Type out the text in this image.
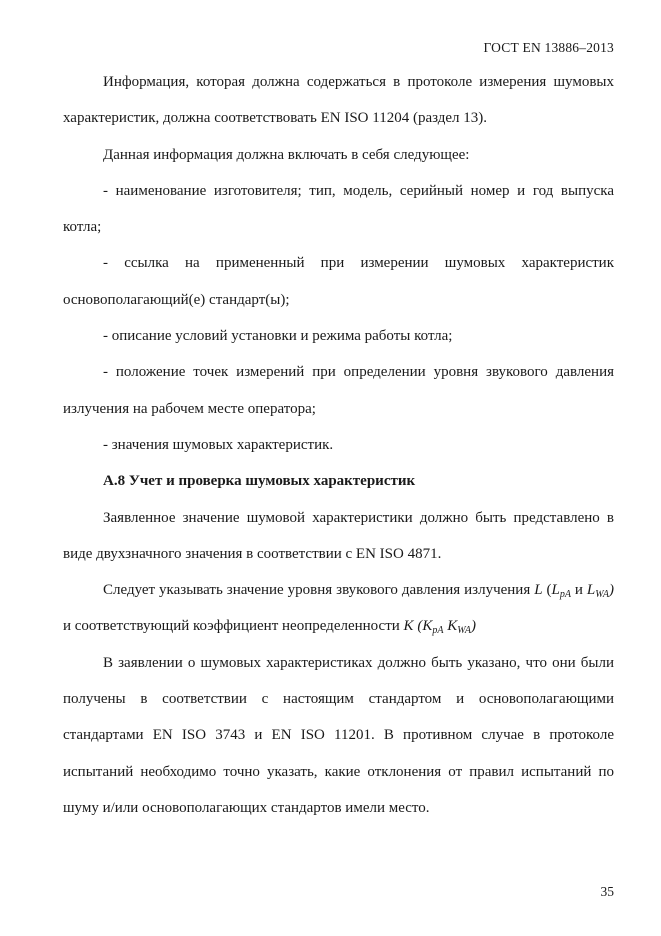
ГОСТ EN 13886–2013

Информация, которая должна содержаться в протоколе измерения шумовых характеристик, должна соответствовать EN ISO 11204 (раздел 13).

Данная информация должна включать в себя следующее:

- наименование изготовителя; тип, модель, серийный номер и год выпуска котла;

- ссылка на примененный при измерении шумовых характеристик основополагающий(е) стандарт(ы);

- описание условий установки и режима работы котла;

- положение точек измерений при определении уровня звукового давления излучения на рабочем месте оператора;

- значения шумовых характеристик.

А.8 Учет и проверка шумовых характеристик

Заявленное значение шумовой характеристики должно быть представлено в виде двухзначного значения в соответствии с EN ISO 4871.

Следует указывать значение уровня звукового давления излучения L ($L_{pA}$ и $L_{WA}$) и соответствующий коэффициент неопределенности K ($K_{pA}$ $K_{WA}$)

В заявлении о шумовых характеристиках должно быть указано, что они были получены в соответствии с настоящим стандартом и основополагающими стандартами EN ISO 3743 и EN ISO 11201. В противном случае в протоколе испытаний необходимо точно указать, какие отклонения от правил испытаний по шуму и/или основополагающих стандартов имели место.

35
